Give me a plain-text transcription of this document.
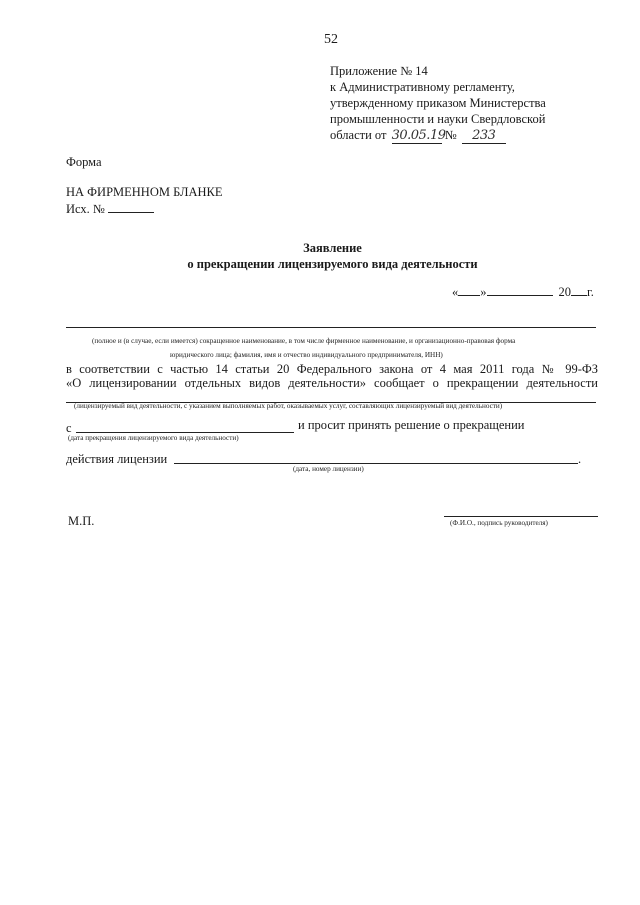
52
Приложение № 14
к Административному регламенту,
утвержденному приказом Министерства
промышленности и науки Свердловской
области от 30.05.19 № 233
Форма
НА ФИРМЕННОМ БЛАНКЕ
Исх. №
Заявление
о прекращении лицензируемого вида деятельности
« »	20 г.
(полное и (в случае, если имеется) сокращенное наименование, в том числе фирменное наименование, и организационно-правовая форма
юридического лица; фамилия, имя и отчество индивидуального предпринимателя, ИНН)
в соответствии с частью 14 статьи 20 Федерального закона от 4 мая 2011 года № 99-ФЗ
«О лицензировании отдельных видов деятельности» сообщает о прекращении деятельности
(лицензируемый вид деятельности, с указанием выполняемых работ, оказываемых услуг, составляющих лицензируемый вид деятельности)
с	и просит принять решение о прекращении
(дата прекращения лицензируемого вида деятельности)
действия лицензии	.
(дата, номер лицензии)
М.П.	(Ф.И.О., подпись руководителя)
